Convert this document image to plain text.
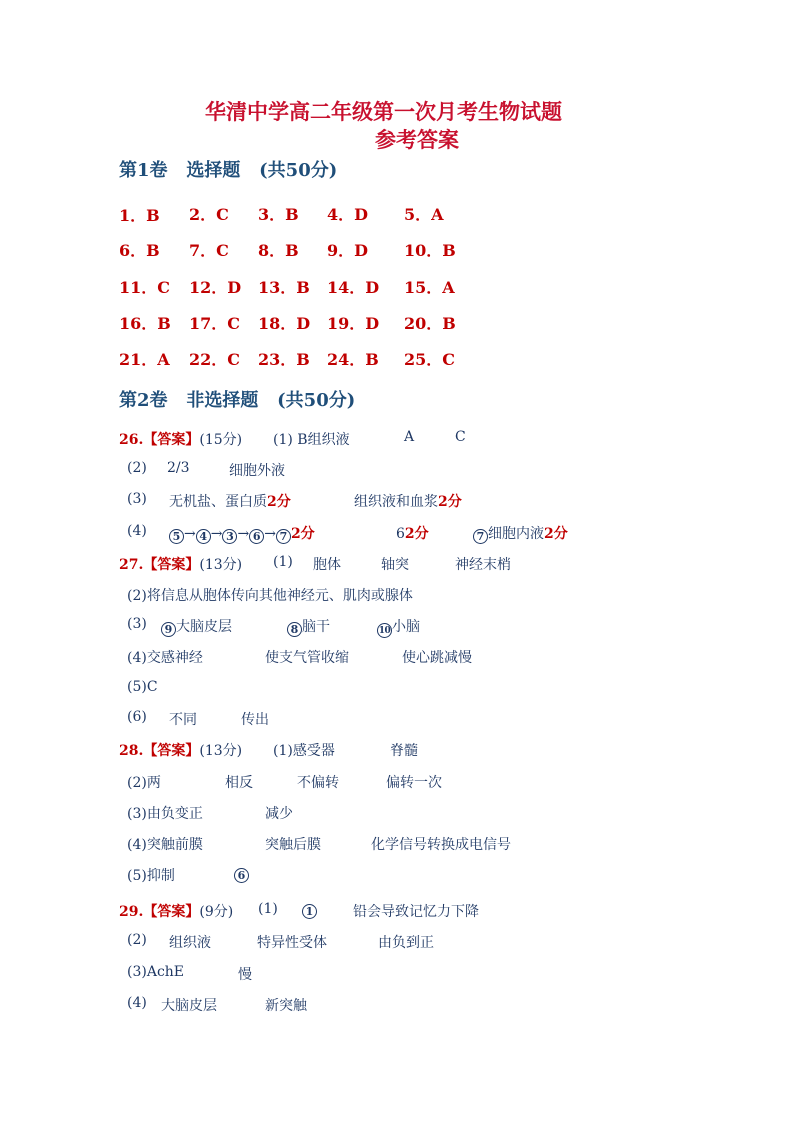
华清中学高二年级第一次月考生物试题
参考答案
第1卷 选择题 (共50分)
1．B 2．C 3．B 4．D 5．A
6．B 7．C 8．B 9．D 10．B
11．C 12．D 13．B 14．D 15．A
16．B 17．C 18．D 19．D 20．B
21．A 22．C 23．B 24．B 25．C
第2卷 非选择题 (共50分)
26.【答案】(15分) (1) B组织液	A	C
(2) 2/3	细胞外液
(3) 无机盐、蛋白质2分	组织液和血浆2分
(4)	5 → 4 → 3 → 6 → 7 2分	62分	7 细胞内液2分
27.【答案】(13分) (1) 胞体	轴突	神经末梢
(2)将信息从胞体传向其他神经元、肌肉或腺体
(3)	9 大脑皮层	8 脑干	10 小脑
(4)交感神经	使支气管收缩	使心跳减慢
(5)C
(6) 不同	传出
28.【答案】(13分) (1)感受器	脊髓
(2)两	相反	不偏转	偏转一次
(3)由负变正	减少
(4)突触前膜	突触后膜	化学信号转换成电信号
(5)抑制	6
29.【答案】(9分) (1)	1	铅会导致记忆力下降
(2) 组织液	特异性受体	由负到正
(3)AchE	慢
(4) 大脑皮层	新突触
